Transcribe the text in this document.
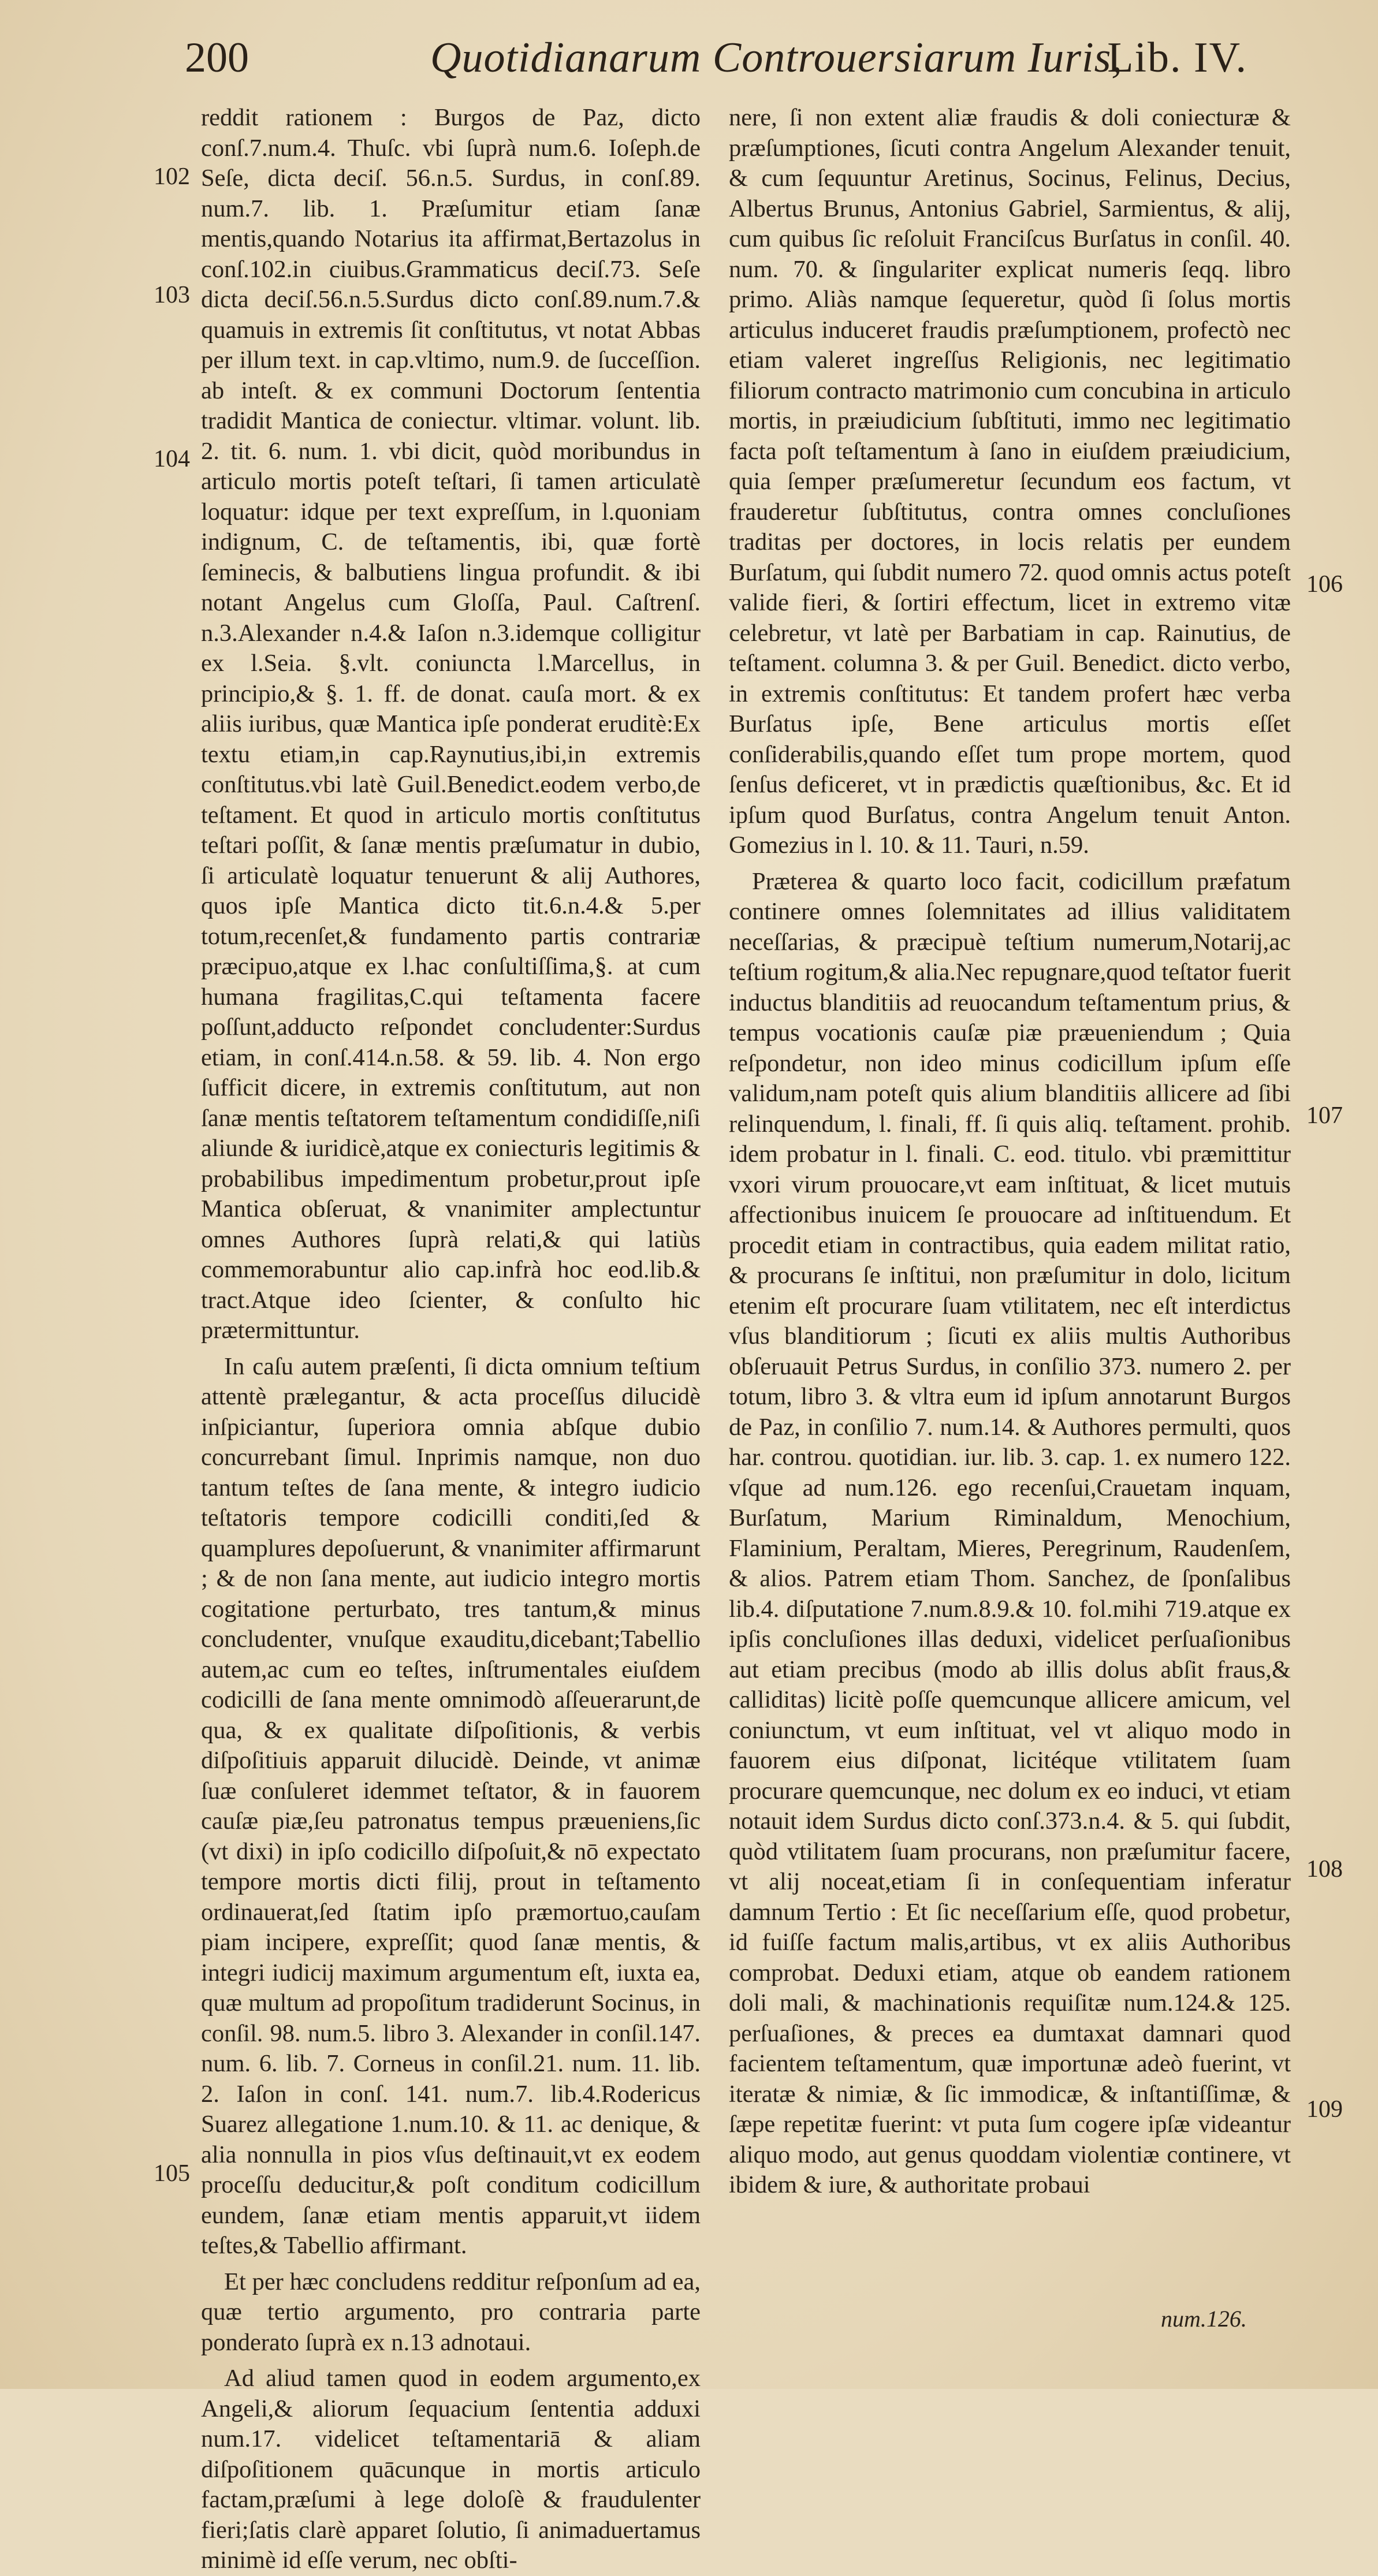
200	Quotidianarum Controuersiarum Iuris,
Lib. IV.
102
103
104
105
106
107
108
109

reddit rationem : Burgos de Paz, dicto conſ.7.num.4. Thuſc. vbi ſuprà num.6. Ioſeph.de Seſe, dicta deciſ. 56.n.5. Surdus, in conſ.89. num.7. lib. 1. Præſumitur etiam ſanæ mentis,quando Notarius ita affirmat,Bertazolus in conſ.102.in ciuibus.Grammaticus deciſ.73. Seſe dicta deciſ.56.n.5.Surdus dicto conſ.89.num.7.& quamuis in extremis ſit conſtitutus, vt notat Abbas per illum text. in cap.vltimo, num.9. de ſucceſſion. ab inteſt. & ex communi Doctorum ſententia tradidit Mantica de coniectur. vltimar. volunt. lib. 2. tit. 6. num. 1. vbi dicit, quòd moribundus in articulo mortis poteſt teſtari, ſi tamen articulatè loquatur: idque per text expreſſum, in l.quoniam indignum, C. de teſtamentis, ibi, quæ fortè ſeminecis, & balbutiens lingua profundit. & ibi notant Angelus cum Gloſſa, Paul. Caſtrenſ. n.3.Alexander n.4.& Iaſon n.3.idemque colligitur ex l.Seia. §.vlt. coniuncta l.Marcellus, in principio,& §. 1. ff. de donat. cauſa mort. & ex aliis iuribus, quæ Mantica ipſe ponderat eruditè:Ex textu etiam,in cap.Raynutius,ibi,in extremis conſtitutus.vbi latè Guil.Benedict.eodem verbo,de teſtament. Et quod in articulo mortis conſtitutus teſtari poſſit, & ſanæ mentis præſumatur in dubio, ſi articulatè loquatur tenuerunt & alij Authores, quos ipſe Mantica dicto tit.6.n.4.& 5.per totum,recenſet,& fundamento partis contrariæ præcipuo,atque ex l.hac conſultiſſima,§. at cum humana fragilitas,C.qui teſtamenta facere poſſunt,adducto reſpondet concludenter:Surdus etiam, in conſ.414.n.58. & 59. lib. 4. Non ergo ſufficit dicere, in extremis conſtitutum, aut non ſanæ mentis teſtatorem teſtamentum condidiſſe,niſi aliunde & iuridicè,atque ex coniecturis legitimis & probabilibus impedimentum probetur,prout ipſe Mantica obſeruat, & vnanimiter amplectuntur omnes Authores ſuprà relati,& qui latiùs commemorabuntur alio cap.infrà hoc eod.lib.& tract.Atque ideo ſcienter, & conſulto hic prætermittuntur.

In caſu autem præſenti, ſi dicta omnium teſtium attentè prælegantur, & acta proceſſus dilucidè inſpiciantur, ſuperiora omnia abſque dubio concurrebant ſimul. Inprimis namque, non duo tantum teſtes de ſana mente, & integro iudicio teſtatoris tempore codicilli conditi,ſed & quamplures depoſuerunt, & vnanimiter affirmarunt ; & de non ſana mente, aut iudicio integro mortis cogitatione perturbato, tres tantum,& minus concludenter, vnuſque exauditu,dicebant;Tabellio autem,ac cum eo teſtes, inſtrumentales eiuſdem codicilli de ſana mente omnimodò aſſeuerarunt,de qua, & ex qualitate diſpoſitionis, & verbis diſpoſitiuis apparuit dilucidè. Deinde, vt animæ ſuæ conſuleret idemmet teſtator, & in fauorem cauſæ piæ,ſeu patronatus tempus præueniens,ſic (vt dixi) in ipſo codicillo diſpoſuit,& nō expectato tempore mortis dicti filij, prout in teſtamento ordinauerat,ſed ſtatim ipſo præmortuo,cauſam piam incipere, expreſſit; quod ſanæ mentis, & integri iudicij maximum argumentum eſt, iuxta ea, quæ multum ad propoſitum tradiderunt Socinus, in conſil. 98. num.5. libro 3. Alexander in conſil.147. num. 6. lib. 7. Corneus in conſil.21. num. 11. lib. 2. Iaſon in conſ. 141. num.7. lib.4.Rodericus Suarez allegatione 1.num.10. & 11. ac denique, & alia nonnulla in pios vſus deſtinauit,vt ex eodem proceſſu deducitur,& poſt conditum codicillum eundem, ſanæ etiam mentis apparuit,vt iidem teſtes,& Tabellio affirmant.

Et per hæc concludens redditur reſponſum ad ea, quæ tertio argumento, pro contraria parte ponderato ſuprà ex n.13 adnotaui.

Ad aliud tamen quod in eodem argumento,ex Angeli,& aliorum ſequacium ſententia adduxi num.17. videlicet teſtamentariā & aliam diſpoſitionem quācunque in mortis articulo factam,præſumi à lege doloſè & fraudulenter fieri;ſatis clarè apparet ſolutio, ſi animaduertamus minimè id eſſe verum, nec obſti-

nere, ſi non extent aliæ fraudis & doli coniecturæ & præſumptiones, ſicuti contra Angelum Alexander tenuit, & cum ſequuntur Aretinus, Socinus, Felinus, Decius, Albertus Brunus, Antonius Gabriel, Sarmientus, & alij, cum quibus ſic reſoluit Franciſcus Burſatus in conſil. 40. num. 70. & ſingulariter explicat numeris ſeqq. libro primo. Aliàs namque ſequeretur, quòd ſi ſolus mortis articulus induceret fraudis præſumptionem, profectò nec etiam valeret ingreſſus Religionis, nec legitimatio filiorum contracto matrimonio cum concubina in articulo mortis, in præiudicium ſubſtituti, immo nec legitimatio facta poſt teſtamentum à ſano in eiuſdem præiudicium, quia ſemper præſumeretur ſecundum eos factum, vt frauderetur ſubſtitutus, contra omnes concluſiones traditas per doctores, in locis relatis per eundem Burſatum, qui ſubdit numero 72. quod omnis actus poteſt valide fieri, & ſortiri effectum, licet in extremo vitæ celebretur, vt latè per Barbatiam in cap. Rainutius, de teſtament. columna 3. & per Guil. Benedict. dicto verbo, in extremis conſtitutus: Et tandem profert hæc verba Burſatus ipſe, Bene articulus mortis eſſet conſiderabilis,quando eſſet tum prope mortem, quod ſenſus deficeret, vt in prædictis quæſtionibus, &c. Et id ipſum quod Burſatus, contra Angelum tenuit Anton. Gomezius in l. 10. & 11. Tauri, n.59.

Præterea & quarto loco facit, codicillum præfatum continere omnes ſolemnitates ad illius validitatem neceſſarias, & præcipuè teſtium numerum,Notarij,ac teſtium rogitum,& alia.Nec repugnare,quod teſtator fuerit inductus blanditiis ad reuocandum teſtamentum prius, & tempus vocationis cauſæ piæ præueniendum ; Quia reſpondetur, non ideo minus codicillum ipſum eſſe validum,nam poteſt quis alium blanditiis allicere ad ſibi relinquendum, l. finali, ff. ſi quis aliq. teſtament. prohib. idem probatur in l. finali. C. eod. titulo. vbi præmittitur vxori virum prouocare,vt eam inſtituat, & licet mutuis affectionibus inuicem ſe prouocare ad inſtituendum. Et procedit etiam in contractibus, quia eadem militat ratio, & procurans ſe inſtitui, non præſumitur in dolo, licitum etenim eſt procurare ſuam vtilitatem, nec eſt interdictus vſus blanditiorum ; ſicuti ex aliis multis Authoribus obſeruauit Petrus Surdus, in conſilio 373. numero 2. per totum, libro 3. & vltra eum id ipſum annotarunt Burgos de Paz, in conſilio 7. num.14. & Authores permulti, quos har. controu. quotidian. iur. lib. 3. cap. 1. ex numero 122. vſque ad num.126. ego recenſui,Crauetam inquam, Burſatum, Marium Riminaldum, Menochium, Flaminium, Peraltam, Mieres, Peregrinum, Raudenſem, & alios. Patrem etiam Thom. Sanchez, de ſponſalibus lib.4. diſputatione 7.num.8.9.& 10. fol.mihi 719.atque ex ipſis concluſiones illas deduxi, videlicet perſuaſionibus aut etiam precibus (modo ab illis dolus abſit fraus,& calliditas) licitè poſſe quemcunque allicere amicum, vel coniunctum, vt eum inſtituat, vel vt aliquo modo in fauorem eius diſponat, licitéque vtilitatem ſuam procurare quemcunque, nec dolum ex eo induci, vt etiam notauit idem Surdus dicto conſ.373.n.4. & 5. qui ſubdit, quòd vtilitatem ſuam procurans, non præſumitur facere, vt alij noceat,etiam ſi in conſequentiam inferatur damnum Tertio : Et ſic neceſſarium eſſe, quod probetur, id fuiſſe factum malis,artibus, vt ex aliis Authoribus comprobat. Deduxi etiam, atque ob eandem rationem doli mali, & machinationis requiſitæ num.124.& 125. perſuaſiones, & preces ea dumtaxat damnari quod facientem teſtamentum, quæ importunæ adeò fuerint, vt iteratæ & nimiæ, & ſic immodicæ, & inſtantiſſimæ, & ſæpe repetitæ fuerint: vt puta ſum cogere ipſæ videantur aliquo modo, aut genus quoddam violentiæ continere, vt ibidem & iure, & authoritate probaui

num.126.
